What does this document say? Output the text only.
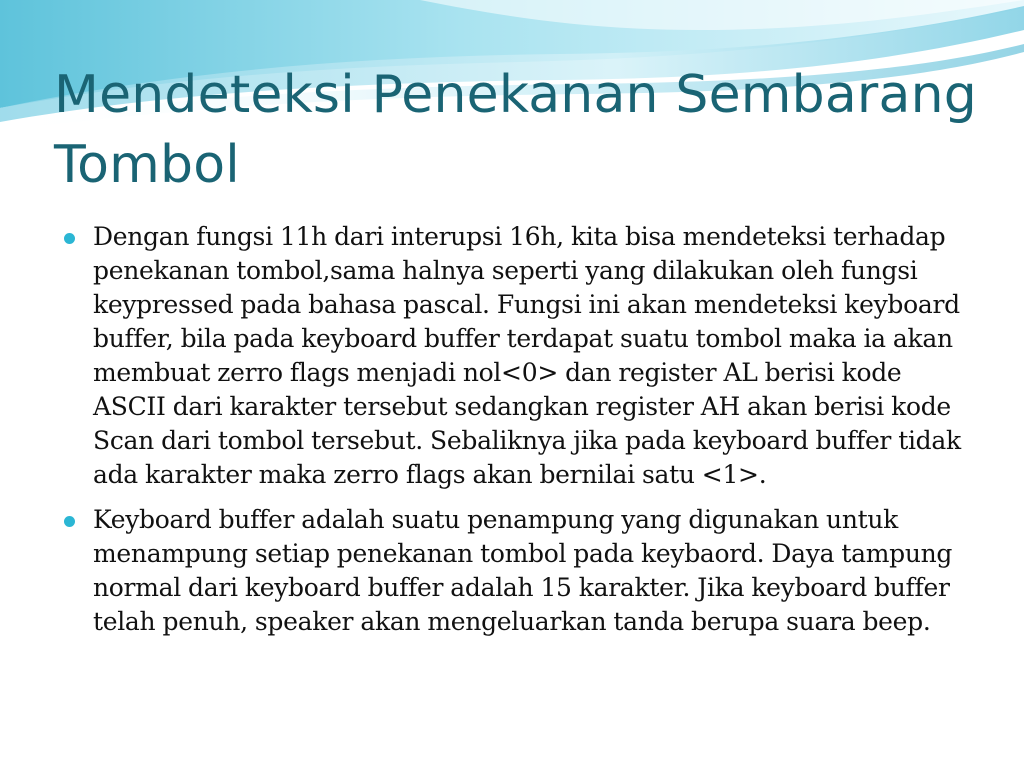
Mendeteksi Penekanan Sembarang Tombol
Dengan fungsi 11h dari interupsi 16h, kita bisa mendeteksi terhadap penekanan tombol,sama halnya seperti yang dilakukan oleh fungsi keypressed pada bahasa pascal. Fungsi ini akan mendeteksi keyboard buffer, bila pada keyboard buffer terdapat suatu tombol maka ia akan membuat zerro flags menjadi nol<0> dan register AL berisi kode ASCII dari karakter tersebut sedangkan register AH akan berisi kode Scan dari tombol tersebut. Sebaliknya jika pada keyboard buffer tidak ada karakter maka zerro flags akan bernilai satu <1>.
Keyboard buffer adalah suatu penampung yang digunakan untuk menampung setiap penekanan tombol pada keybaord. Daya tampung normal dari keyboard buffer adalah 15 karakter. Jika keyboard buffer telah penuh, speaker akan mengeluarkan tanda berupa suara beep.
